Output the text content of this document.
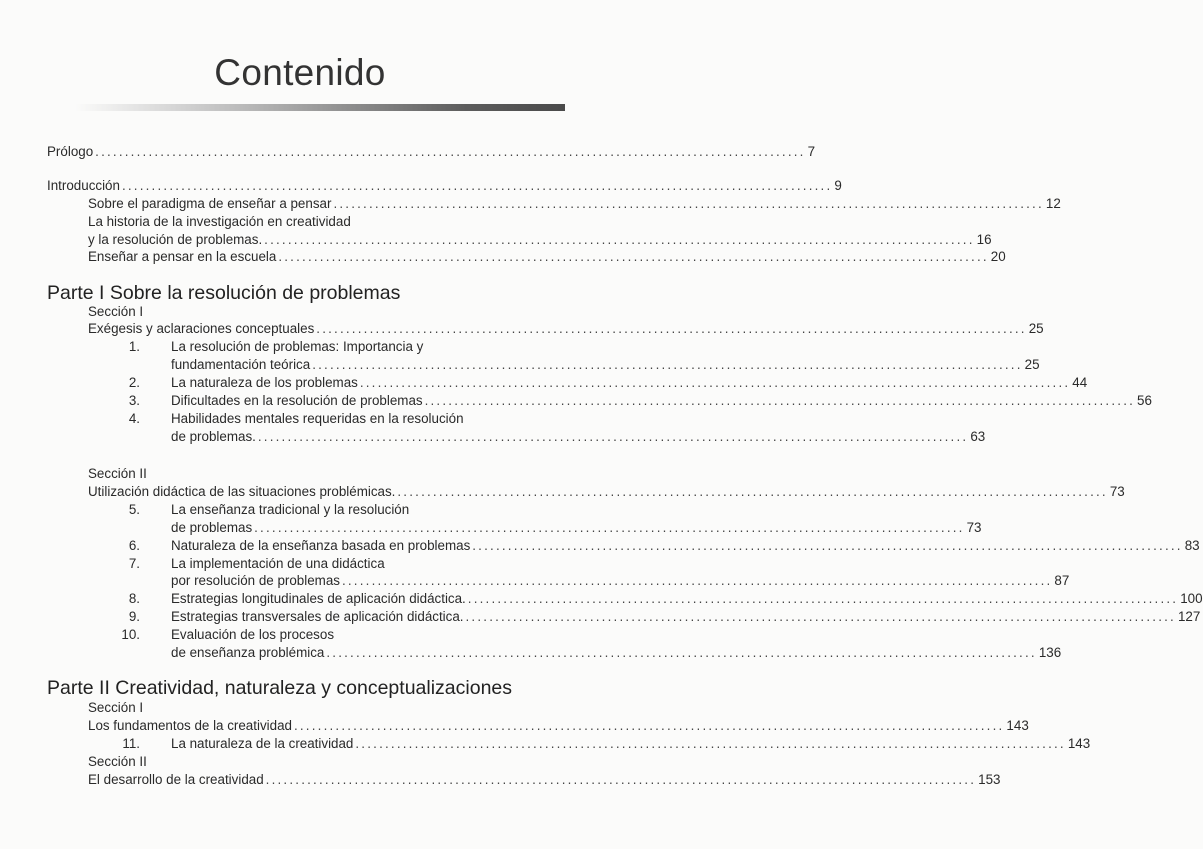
Contenido
Prólogo ........................................................................................................................ 7
Introducción ........................................................................................................................ 9
Sobre el paradigma de enseñar a pensar ........................................................................................................................ 12
La historia de la investigación en creatividad
y la resolución de problemas. ........................................................................................................................ 16
Enseñar a pensar en la escuela ........................................................................................................................ 20
Parte I Sobre la resolución de problemas
Sección I
Exégesis y aclaraciones conceptuales ........................................................................................................................ 25
1. La resolución de problemas: Importancia y
fundamentación teórica ........................................................................................................................ 25
2. La naturaleza de los problemas ........................................................................................................................ 44
3. Dificultades en la resolución de problemas ........................................................................................................................ 56
4. Habilidades mentales requeridas en la resolución
de problemas. ........................................................................................................................ 63
Sección II
Utilización didáctica de las situaciones problémicas. ........................................................................................................................ 73
5. La enseñanza tradicional y la resolución
de problemas ........................................................................................................................ 73
6. Naturaleza de la enseñanza basada en problemas ........................................................................................................................ 83
7. La implementación de una didáctica
por resolución de problemas ........................................................................................................................ 87
8. Estrategias longitudinales de aplicación didáctica. ........................................................................................................................ 100
9. Estrategias transversales de aplicación didáctica. ........................................................................................................................ 127
10. Evaluación de los procesos
de enseñanza problémica ........................................................................................................................ 136
Parte II Creatividad, naturaleza y conceptualizaciones
Sección I
Los fundamentos de la creatividad ........................................................................................................................ 143
11. La naturaleza de la creatividad ........................................................................................................................ 143
Sección II
El desarrollo de la creatividad ........................................................................................................................ 153
